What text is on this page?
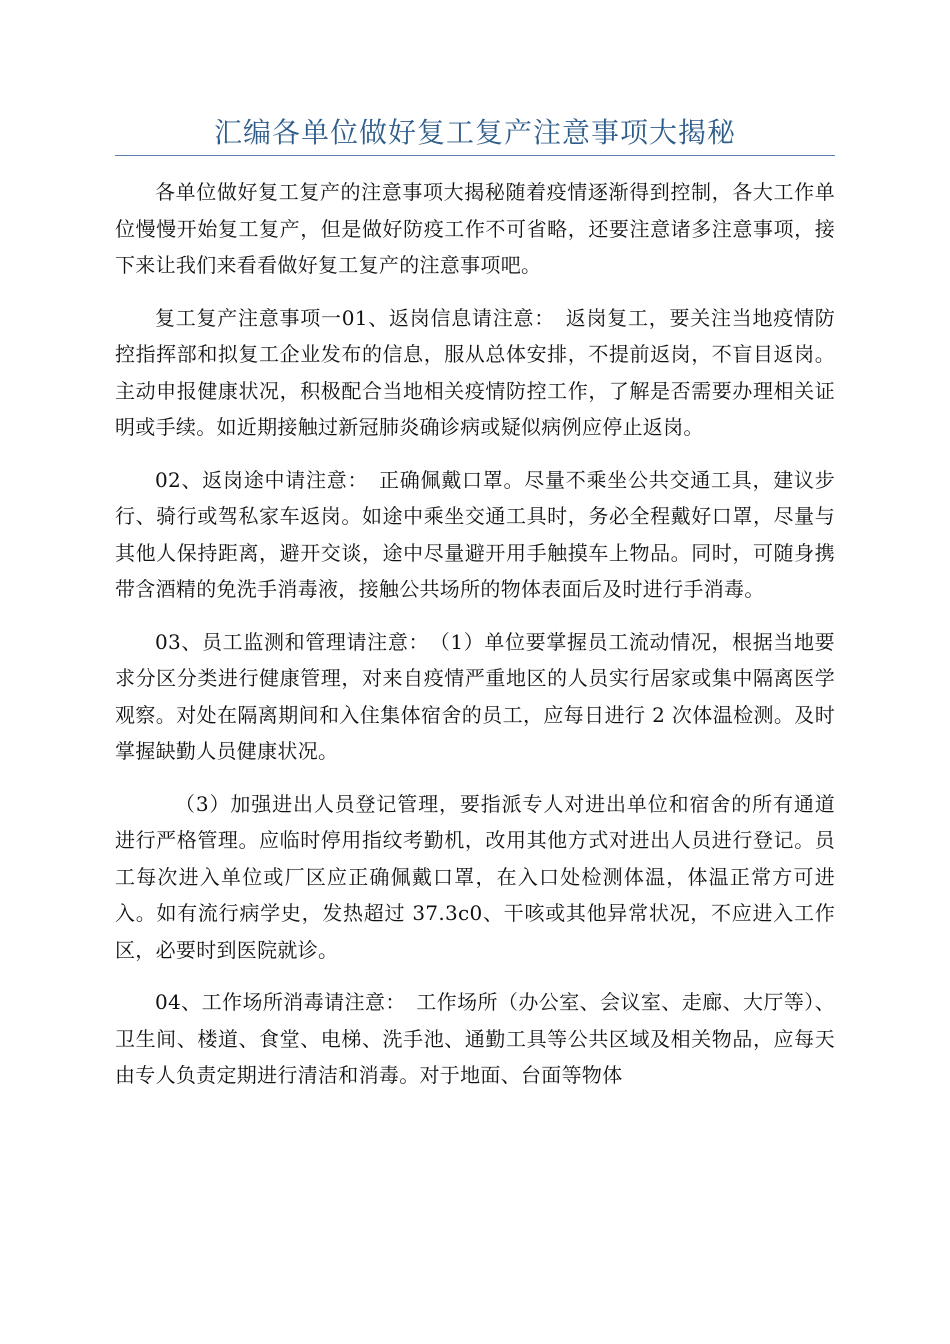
汇编各单位做好复工复产注意事项大揭秘

各单位做好复工复产的注意事项大揭秘随着疫情逐渐得到控制，各大工作单位慢慢开始复工复产，但是做好防疫工作不可省略，还要注意诸多注意事项，接下来让我们来看看做好复工复产的注意事项吧。

复工复产注意事项一01、返岗信息请注意：　返岗复工，要关注当地疫情防控指挥部和拟复工企业发布的信息，服从总体安排，不提前返岗，不盲目返岗。主动申报健康状况，积极配合当地相关疫情防控工作，了解是否需要办理相关证明或手续。如近期接触过新冠肺炎确诊病或疑似病例应停止返岗。

02、返岗途中请注意：　正确佩戴口罩。尽量不乘坐公共交通工具，建议步行、骑行或驾私家车返岗。如途中乘坐交通工具时，务必全程戴好口罩，尽量与其他人保持距离，避开交谈，途中尽量避开用手触摸车上物品。同时，可随身携带含酒精的免洗手消毒液，接触公共场所的物体表面后及时进行手消毒。

03、员工监测和管理请注意：　（1）单位要掌握员工流动情况，根据当地要求分区分类进行健康管理，对来自疫情严重地区的人员实行居家或集中隔离医学观察。对处在隔离期间和入住集体宿舍的员工，应每日进行 2 次体温检测。及时掌握缺勤人员健康状况。

（3）加强进出人员登记管理，要指派专人对进出单位和宿舍的所有通道进行严格管理。应临时停用指纹考勤机，改用其他方式对进出人员进行登记。员工每次进入单位或厂区应正确佩戴口罩，在入口处检测体温，体温正常方可进入。如有流行病学史，发热超过 37.3c0、干咳或其他异常状况，不应进入工作区，必要时到医院就诊。

04、工作场所消毒请注意：　工作场所（办公室、会议室、走廊、大厅等）、卫生间、楼道、食堂、电梯、洗手池、通勤工具等公共区域及相关物品，应每天由专人负责定期进行清洁和消毒。对于地面、台面等物体
